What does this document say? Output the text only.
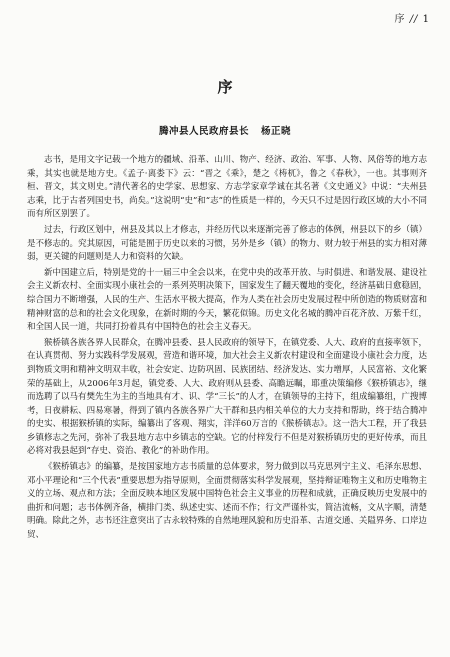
序 // 1
序
腾冲县人民政府县长 杨正晓

志书，是用文字记载一个地方的疆域、沿革、山川、物产、经济、政治、军事、人物、风俗等的地方志乘，其实也就是地方史。《孟子·离娄下》云：“晋之《乘》，楚之《梼杌》，鲁之《春秋》，一也。其事则齐桓、晋文，其文则史。”清代著名的史学家、思想家、方志学家章学诚在其名著《文史通义》中说：“夫州县志乘，比于古者列国史书，尚矣。”这说明“史”和“志”的性质是一样的，今天只不过是因行政区域的大小不同而有所区别罢了。

过去，行政区划中，州县及其以上才修志，并经历代以来逐渐完善了修志的体例，州县以下的乡（镇）是不修志的。究其原因，可能是囿于历史以来的习惯，另外是乡（镇）的物力、财力较于州县的实力相对薄弱，更关键的问题则是人力和资料的欠缺。

新中国建立后，特别是党的十一届三中全会以来，在党中央的改革开放、与时俱进、和谐发展、建设社会主义新农村、全面实现小康社会的一系列英明决策下，国家发生了翻天覆地的变化，经济基础日愈稳固，综合国力不断增强，人民的生产、生活水平极大提高，作为人类在社会历史发展过程中所创造的物质财富和精神财富的总和的社会文化现象，在新时期的今天，繁花似锦。历史文化名城的腾冲百花齐放、万紫千红，和全国人民一道，共同打扮着具有中国特色的社会主义春天。

猴桥镇各族各界人民群众，在腾冲县委、县人民政府的领导下，在镇党委、人大、政府的直接率领下，在认真贯彻、努力实践科学发展观，营造和谐环境，加大社会主义新农村建设和全面建设小康社会力度，达到物质文明和精神文明双丰收，社会安定、边防巩固、民族团结、经济发达、实力增厚，人民富裕、文化繁荣的基础上，从2006年3月起，镇党委、人大、政府则从县委、高瞻远瞩，耶重决策编修《猴桥镇志》，继而选聘了以马有樊先生为主的当地具有才、识、学“三长”的人才，在镇领导的主持下，组成编纂组，广搜博考，日夜耕耘、四易寒暑，得到了镇内各族各界广大干群和县内相关单位的大力支持和帮助，终于结合腾冲的史实、根据猴桥镇的实际，编纂出了客观、翔实，洋洋60万言的《猴桥镇志》。这一浩大工程，开了我县乡镇修志之先河，弥补了我县地方志中乡镇志的空缺。它的付梓发行不但是对猴桥镇历史的更好传承，而且必将对我县起到“存史、资治、教化”的补助作用。

《猴桥镇志》的编纂，是按国家地方志书质量的总体要求，努力做到以马克思列宁主义、毛泽东思想、邓小平理论和“三个代表”重要思想为指导原则，全面贯彻落实科学发展观，坚持辩证唯物主义和历史唯物主义的立场、观点和方法；全面反映本地区发展中国特色社会主义事业的历程和成就，正确反映历史发展中的曲折和问题；志书体例齐备，横排门类、纵述史实、述而不作；行文严谨朴实，简洁流畅，文从字顺，清楚明确。除此之外，志书还注意突出了古永较特殊的自然地理风貌和历史沿革、古道交通、关隘界务、口岸边贸、
